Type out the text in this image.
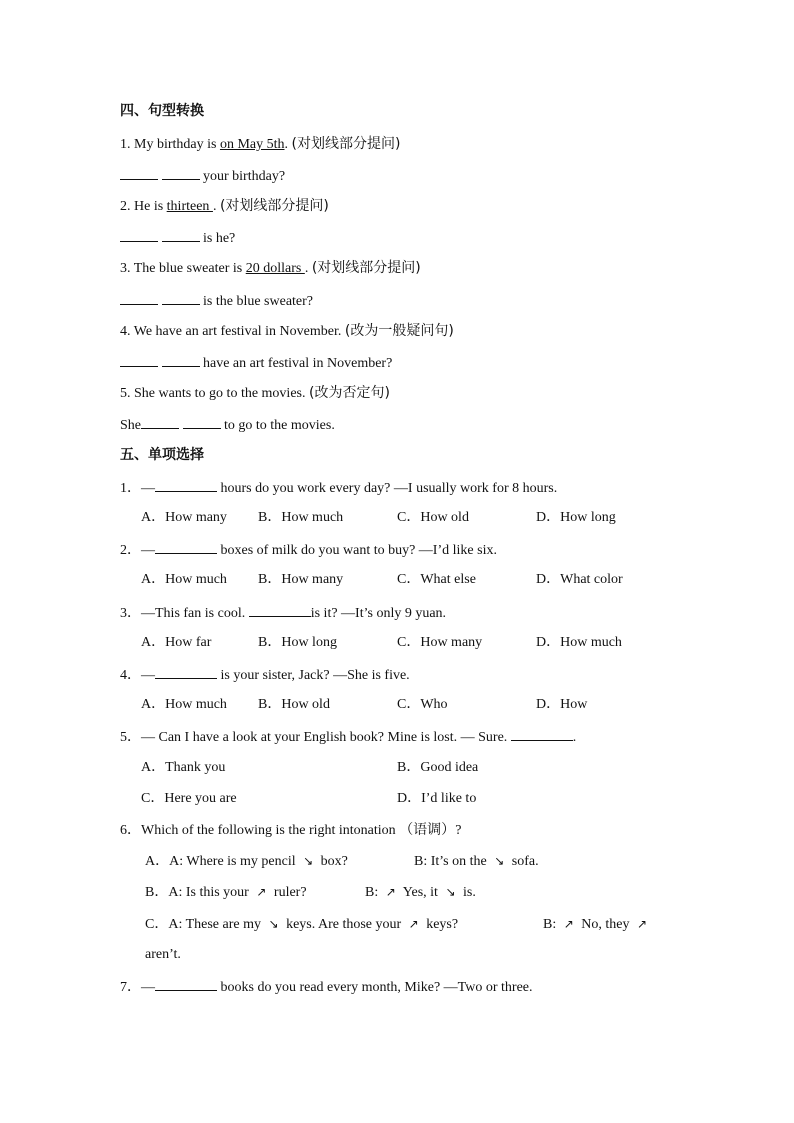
四、句型转换
1. My birthday is on May 5th. (对划线部分提问)
your birthday?
2. He is thirteen . (对划线部分提问)
is he?
3. The blue sweater is 20 dollars . (对划线部分提问)
is the blue sweater?
4. We have an art festival in November. (改为一般疑问句)
have an art festival in November?
5. She wants to go to the movies. (改为否定句)
She	to go to the movies.
五、单项选择
1．—	hours do you work every day? —I usually work for 8 hours.
A．How many B．How much	C．How old	D．How long
2．—	boxes of milk do you want to buy? —I’d like six.
A．How much B．How many	C．What else	D．What color
3．—This fan is cool.	is it? —It’s only 9 yuan.
A．How far	B．How long	C．How many	D．How much
4．—	is your sister, Jack? —She is five.
A．How much B．How old	C．Who	D．How
5．— Can I have a look at your English book? Mine is lost. — Sure.	.
A．Thank you	B．Good idea
C．Here you are	D．I’d like to
6．Which of the following is the right intonation （语调）?
A．A: Where is my pencil ↘ box?	B: It’s on the ↘ sofa.
B．A: Is this your ↗ ruler?	B: ↗ Yes, it ↘ is.
C．A: These are my ↘ keys. Are those your ↗ keys?	B: ↗ No, they ↗
aren’t.
7．—	books do you read every month, Mike? —Two or three.
